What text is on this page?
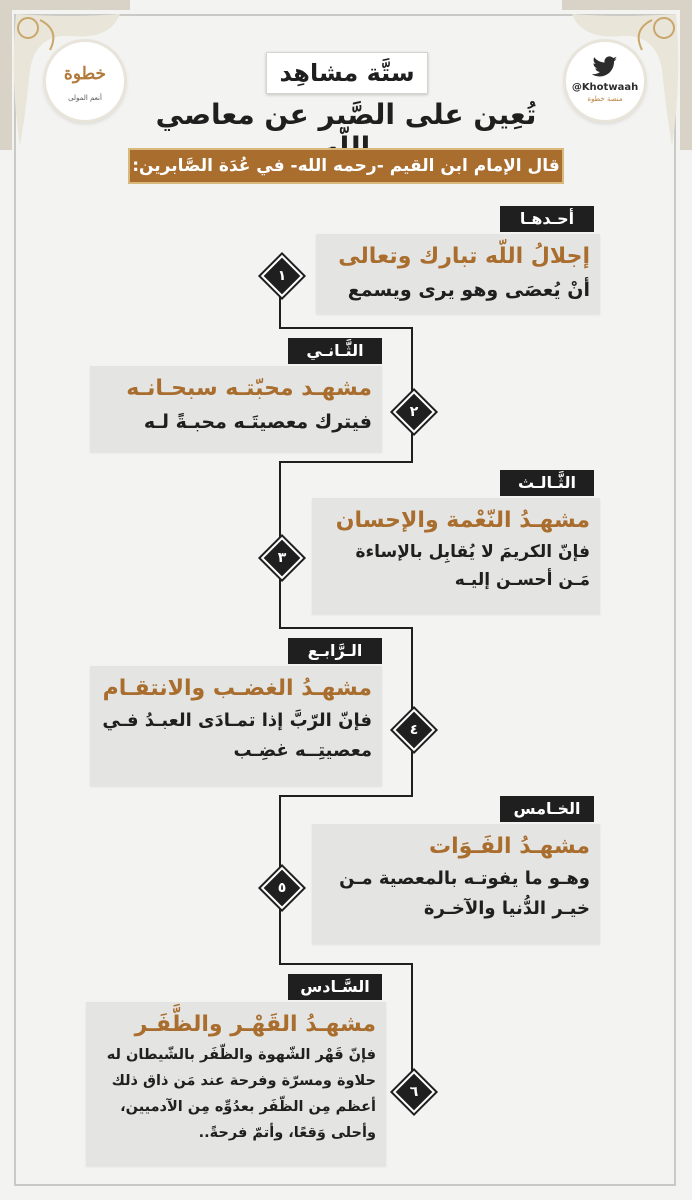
خطوة
أنعم المولى
@Khotwaah
منصة خطوة
ستَّة مشاهِد
تُعِين على الصَّبر عن معاصي
قال الإمام ابن القيم -رحمه الله- في عُدَة الصَّابرين:
أحـدهـا
إجلالُ اللّه تبارك وتعالى
أنْ يُعصَى وهو يرى ويسمع
١
الثَّـانـي
مشهـد محبّتـه سبحـانـه
فيترك معصيتَـه محبـةً لـه	٢
الثَّـالـث
مشهـدُ النّعْمة والإحسان
فإنّ الكريمَ لا يُقابِل بالإساءة مَـن أحسـن إليـه
٣
الـرَّابـع
مشهـدُ الغضـب والانتقـام
فإنّ الرّبَّ إذا تمـادَى العبـدُ فـي معصيتِــه غضِـب
٤
الخـامس
مشهـدُ الفَـوَات
وهـو ما يفوتـه بالمعصية مـن خيـر الدُّنيا والآخـرة
٥
السَّـادس
مشهـدُ القَهْـر والظَّفَـر
فإنّ قَهْر الشّهوة والظّفَر بالشّيطان له حلاوة ومسرّة وفرحة عند مَن ذاق ذلك أعظم مِن الظّفَر بعدُوِّه مِن الآدميين، وأحلى وَقعًا، وأتمّ فرحةً..
٦
